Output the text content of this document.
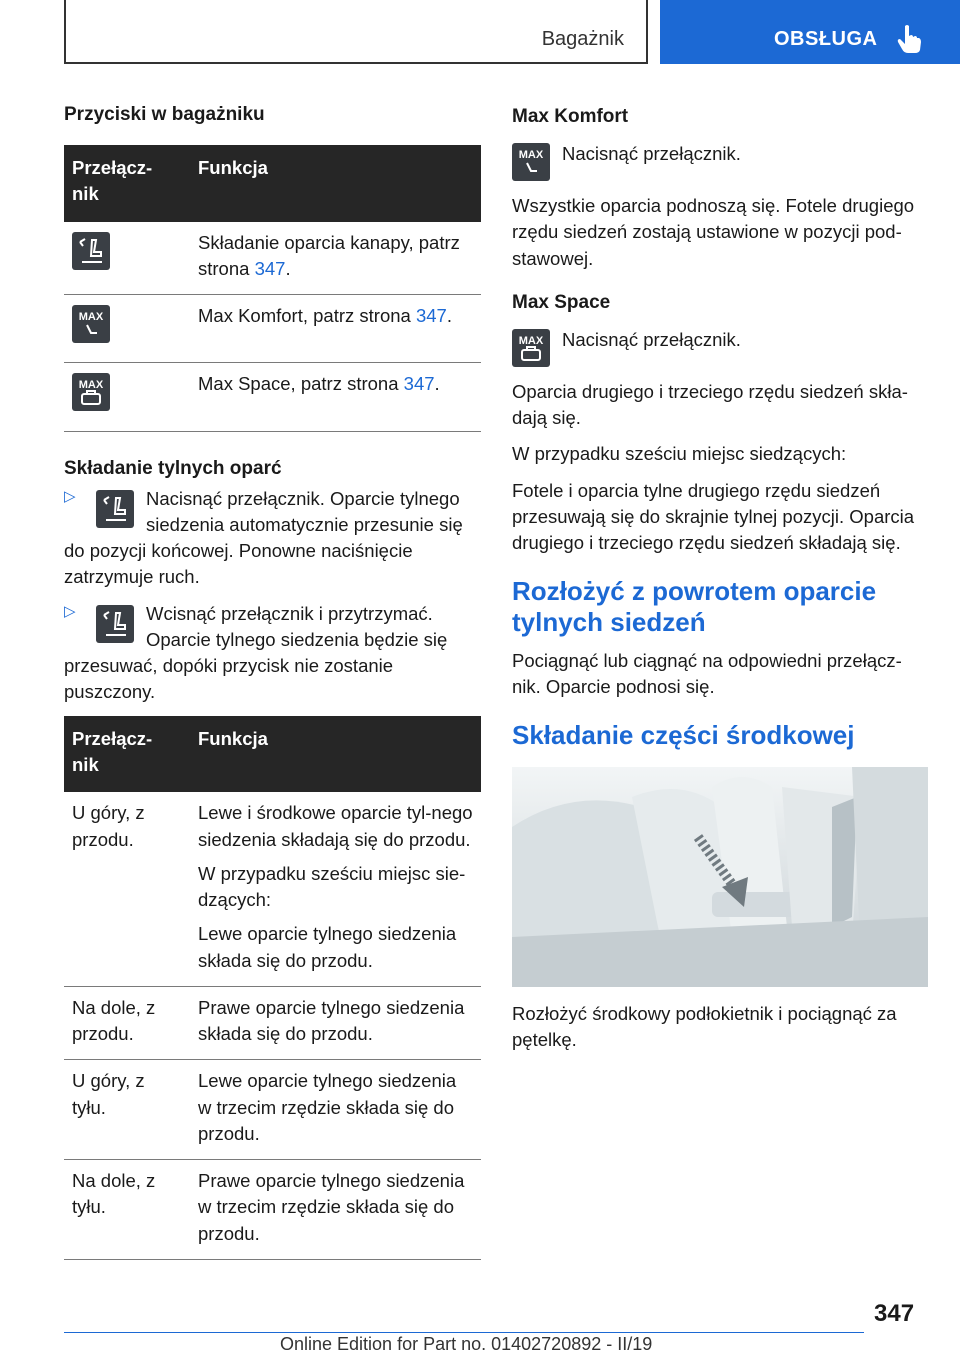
Bagażnik	OBSŁUGA
Przyciski w bagażniku
Przełącz-
nik	Funkcja
	Składanie oparcia kanapy, patrz strona 347.

MAX	Max Komfort, patrz strona 347.

MAX	Max Space, patrz strona 347.
Składanie tylnych oparć
▷	Nacisnąć przełącznik. Oparcie tylnego siedzenia automatycznie przesunie się do pozycji końcowej. Ponowne naciśnięcie zatrzymuje ruch.
▷	Wcisnąć przełącznik i przytrzymać. Oparcie tylnego siedzenia będzie się przesuwać, dopóki przycisk nie zostanie puszczony.
Przełącz-
nik	Funkcja
U góry, z przodu.	Lewe i środkowe oparcie tyl-nego siedzenia składają się do przodu.

W przypadku sześciu miejsc sie-dzących:

Lewe oparcie tylnego siedzenia składa się do przodu.

Na dole, z przodu.	Prawe oparcie tylnego siedzenia składa się do przodu.

U góry, z tyłu.	Lewe oparcie tylnego siedzenia w trzecim rzędzie składa się do przodu.

Na dole, z tyłu.	Prawe oparcie tylnego siedzenia w trzecim rzędzie składa się do przodu.

Max Komfort
MAX Nacisnąć przełącznik.

Wszystkie oparcia podnoszą się. Fotele drugiego rzędu siedzeń zostają ustawione w pozycji pod-stawowej.

Max Space
MAX Nacisnąć przełącznik.

Oparcia drugiego i trzeciego rzędu siedzeń skła-dają się.

W przypadku sześciu miejsc siedzących:

Fotele i oparcia tylne drugiego rzędu siedzeń przesuwają się do skrajnie tylnej pozycji. Oparcia drugiego i trzeciego rzędu siedzeń składają się.

Rozłożyć z powrotem oparcie tylnych siedzeń

Pociągnąć lub ciągnąć na odpowiedni przełącz-nik. Oparcie podnosi się.

Składanie części środkowej

Rozłożyć środkowy podłokietnik i pociągnąć za pętelkę.

347
Online Edition for Part no. 01402720892 - II/19
